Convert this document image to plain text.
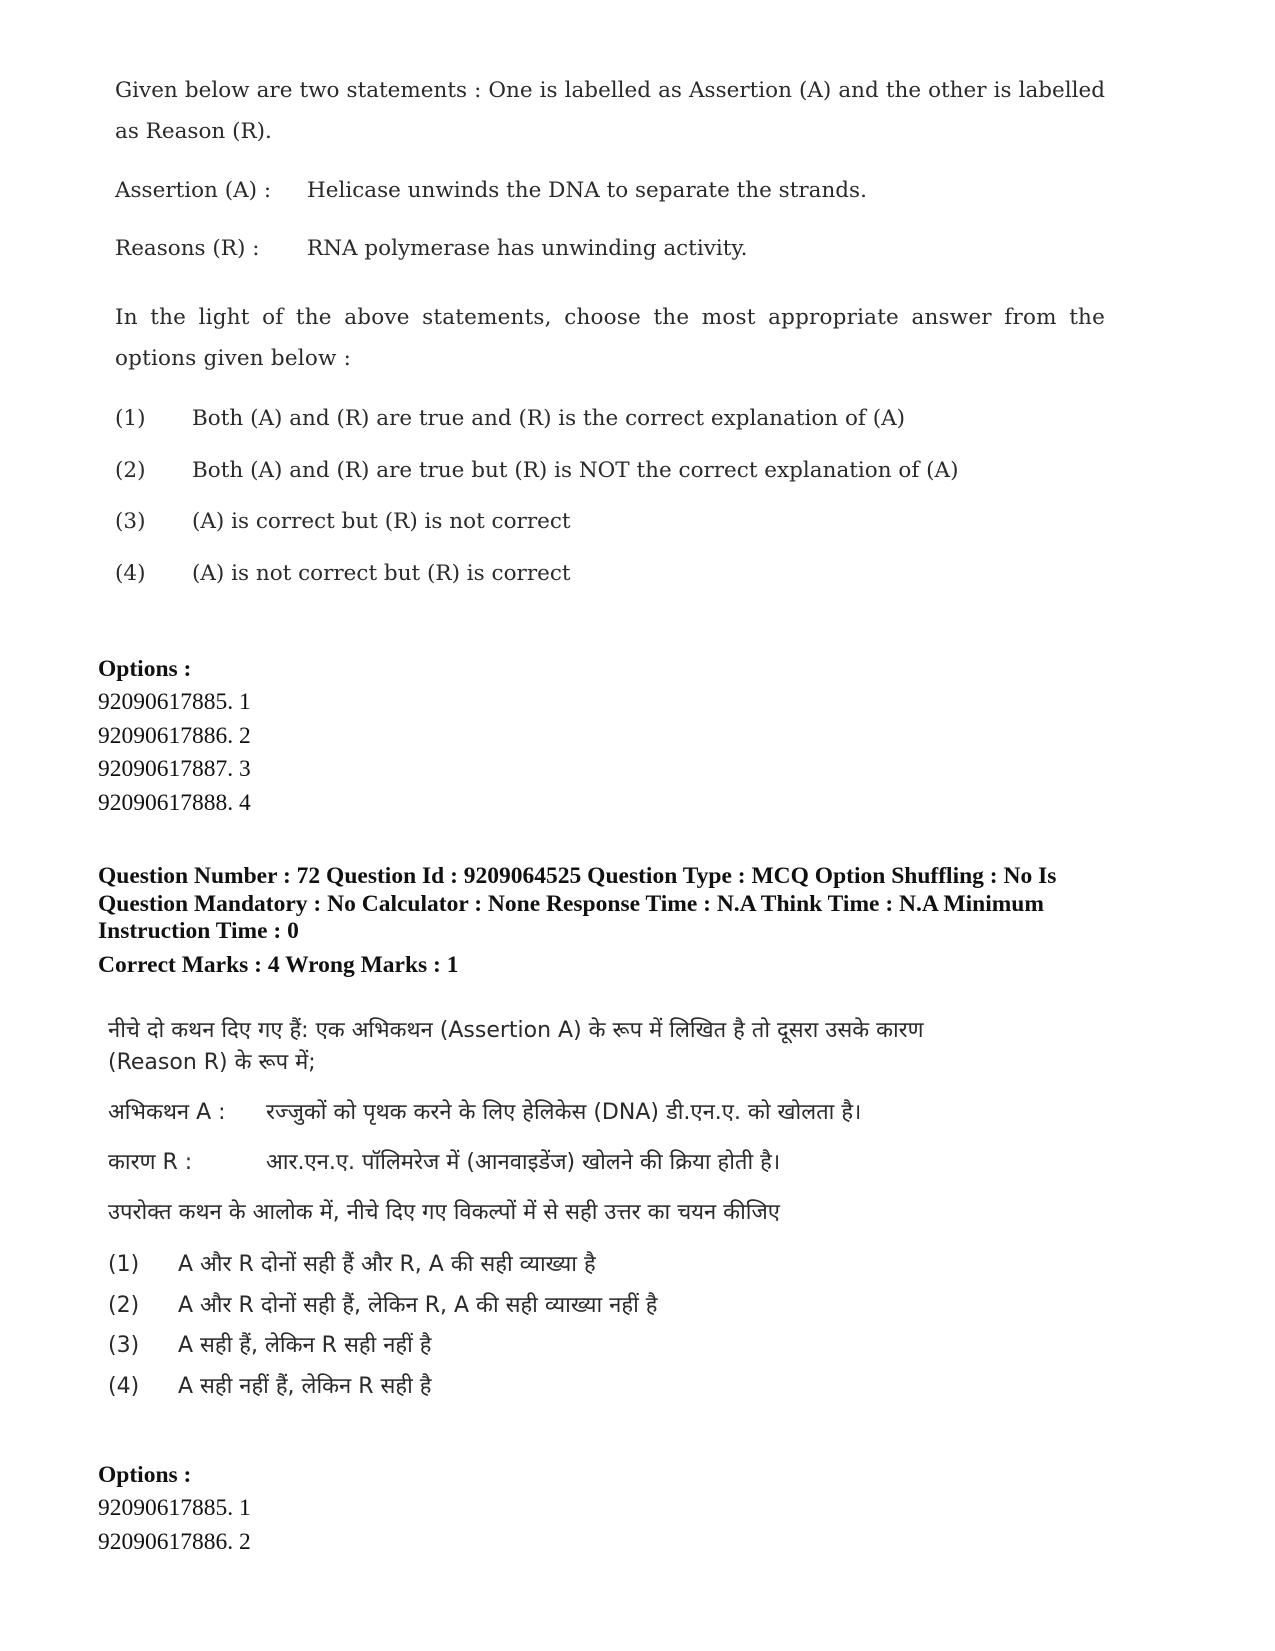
Given below are two statements : One is labelled as Assertion (A) and the other is labelled as Reason (R).

Assertion (A) :	Helicase unwinds the DNA to separate the strands.
Reasons (R) :	RNA polymerase has unwinding activity.

In the light of the above statements, choose the most appropriate answer from the options given below :

(1)	Both (A) and (R) are true and (R) is the correct explanation of (A)
(2)	Both (A) and (R) are true but (R) is NOT the correct explanation of (A)
(3)	(A) is correct but (R) is not correct
(4)	(A) is not correct but (R) is correct
Options :
92090617885. 1
92090617886. 2
92090617887. 3
92090617888. 4
Question Number : 72 Question Id : 9209064525 Question Type : MCQ Option Shuffling : No Is
Question Mandatory : No Calculator : None Response Time : N.A Think Time : N.A Minimum
Instruction Time : 0
Correct Marks : 4 Wrong Marks : 1

नीचे दो कथन दिए गए हैं: एक अभिकथन (Assertion A) के रूप में लिखित है तो दूसरा उसके कारण

(Reason R) के रूप में;

अभिकथन A :	रज्जुकों को पृथक करने के लिए हेलिकेस (DNA) डी.एन.ए. को खोलता है।
कारण R :	आर.एन.ए. पॉलिमरेज में (आनवाइडेंज) खोलने की क्रिया होती है।

उपरोक्त कथन के आलोक में, नीचे दिए गए विकल्पों में से सही उत्तर का चयन कीजिए

(1)	A और R दोनों सही हैं और R, A की सही व्याख्या है
(2)	A और R दोनों सही हैं, लेकिन R, A की सही व्याख्या नहीं है
(3)	A सही हैं, लेकिन R सही नहीं है
(4)	A सही नहीं हैं, लेकिन R सही है
Options :
92090617885. 1
92090617886. 2
